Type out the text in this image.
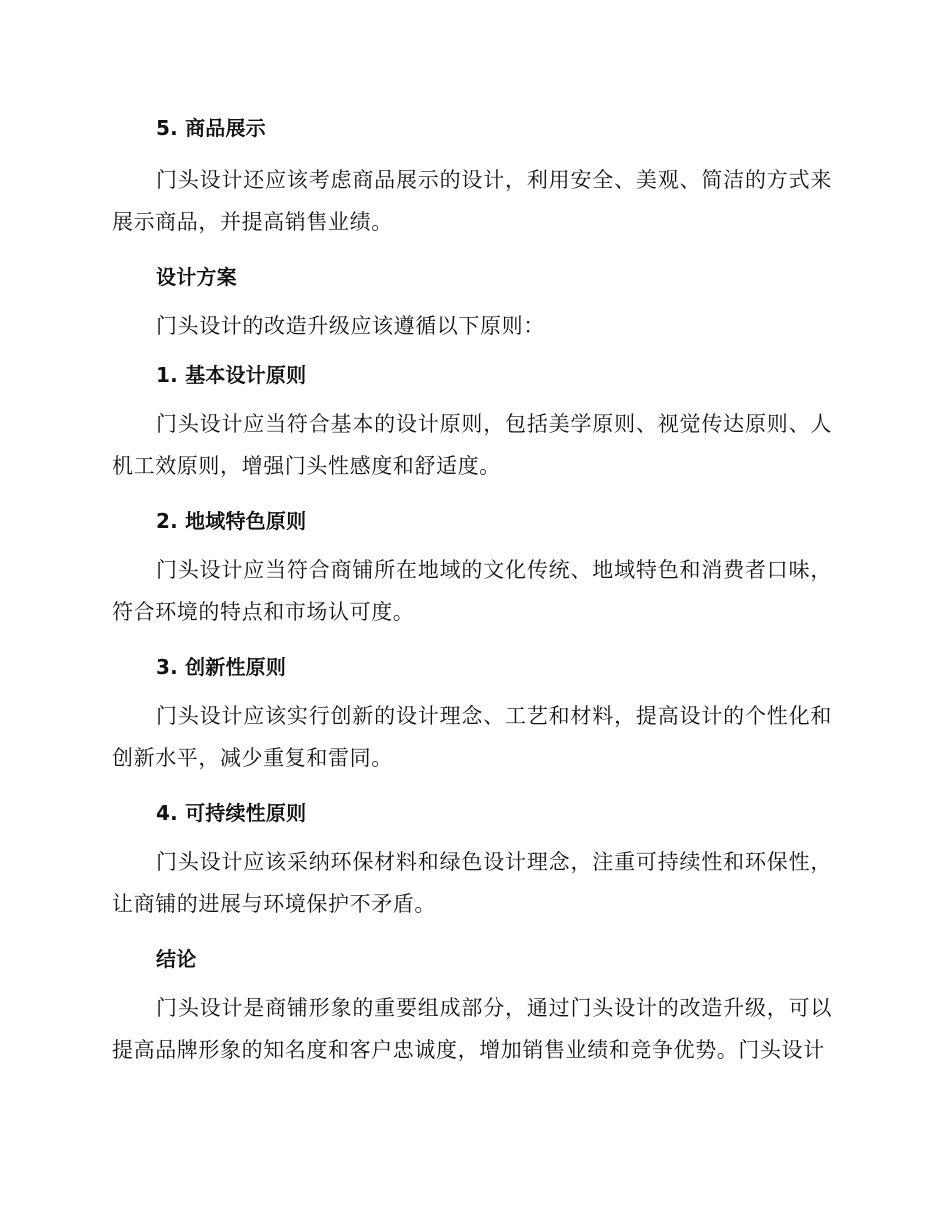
5. 商品展示

门头设计还应该考虑商品展示的设计，利用安全、美观、简洁的方式来展示商品，并提高销售业绩。

设计方案

门头设计的改造升级应该遵循以下原则：

1. 基本设计原则

门头设计应当符合基本的设计原则，包括美学原则、视觉传达原则、人机工效原则，增强门头性感度和舒适度。

2. 地域特色原则

门头设计应当符合商铺所在地域的文化传统、地域特色和消费者口味，符合环境的特点和市场认可度。

3. 创新性原则

门头设计应该实行创新的设计理念、工艺和材料，提高设计的个性化和创新水平，减少重复和雷同。

4. 可持续性原则

门头设计应该采纳环保材料和绿色设计理念，注重可持续性和环保性，让商铺的进展与环境保护不矛盾。

结论

门头设计是商铺形象的重要组成部分，通过门头设计的改造升级，可以提高品牌形象的知名度和客户忠诚度，增加销售业绩和竞争优势。门头设计
